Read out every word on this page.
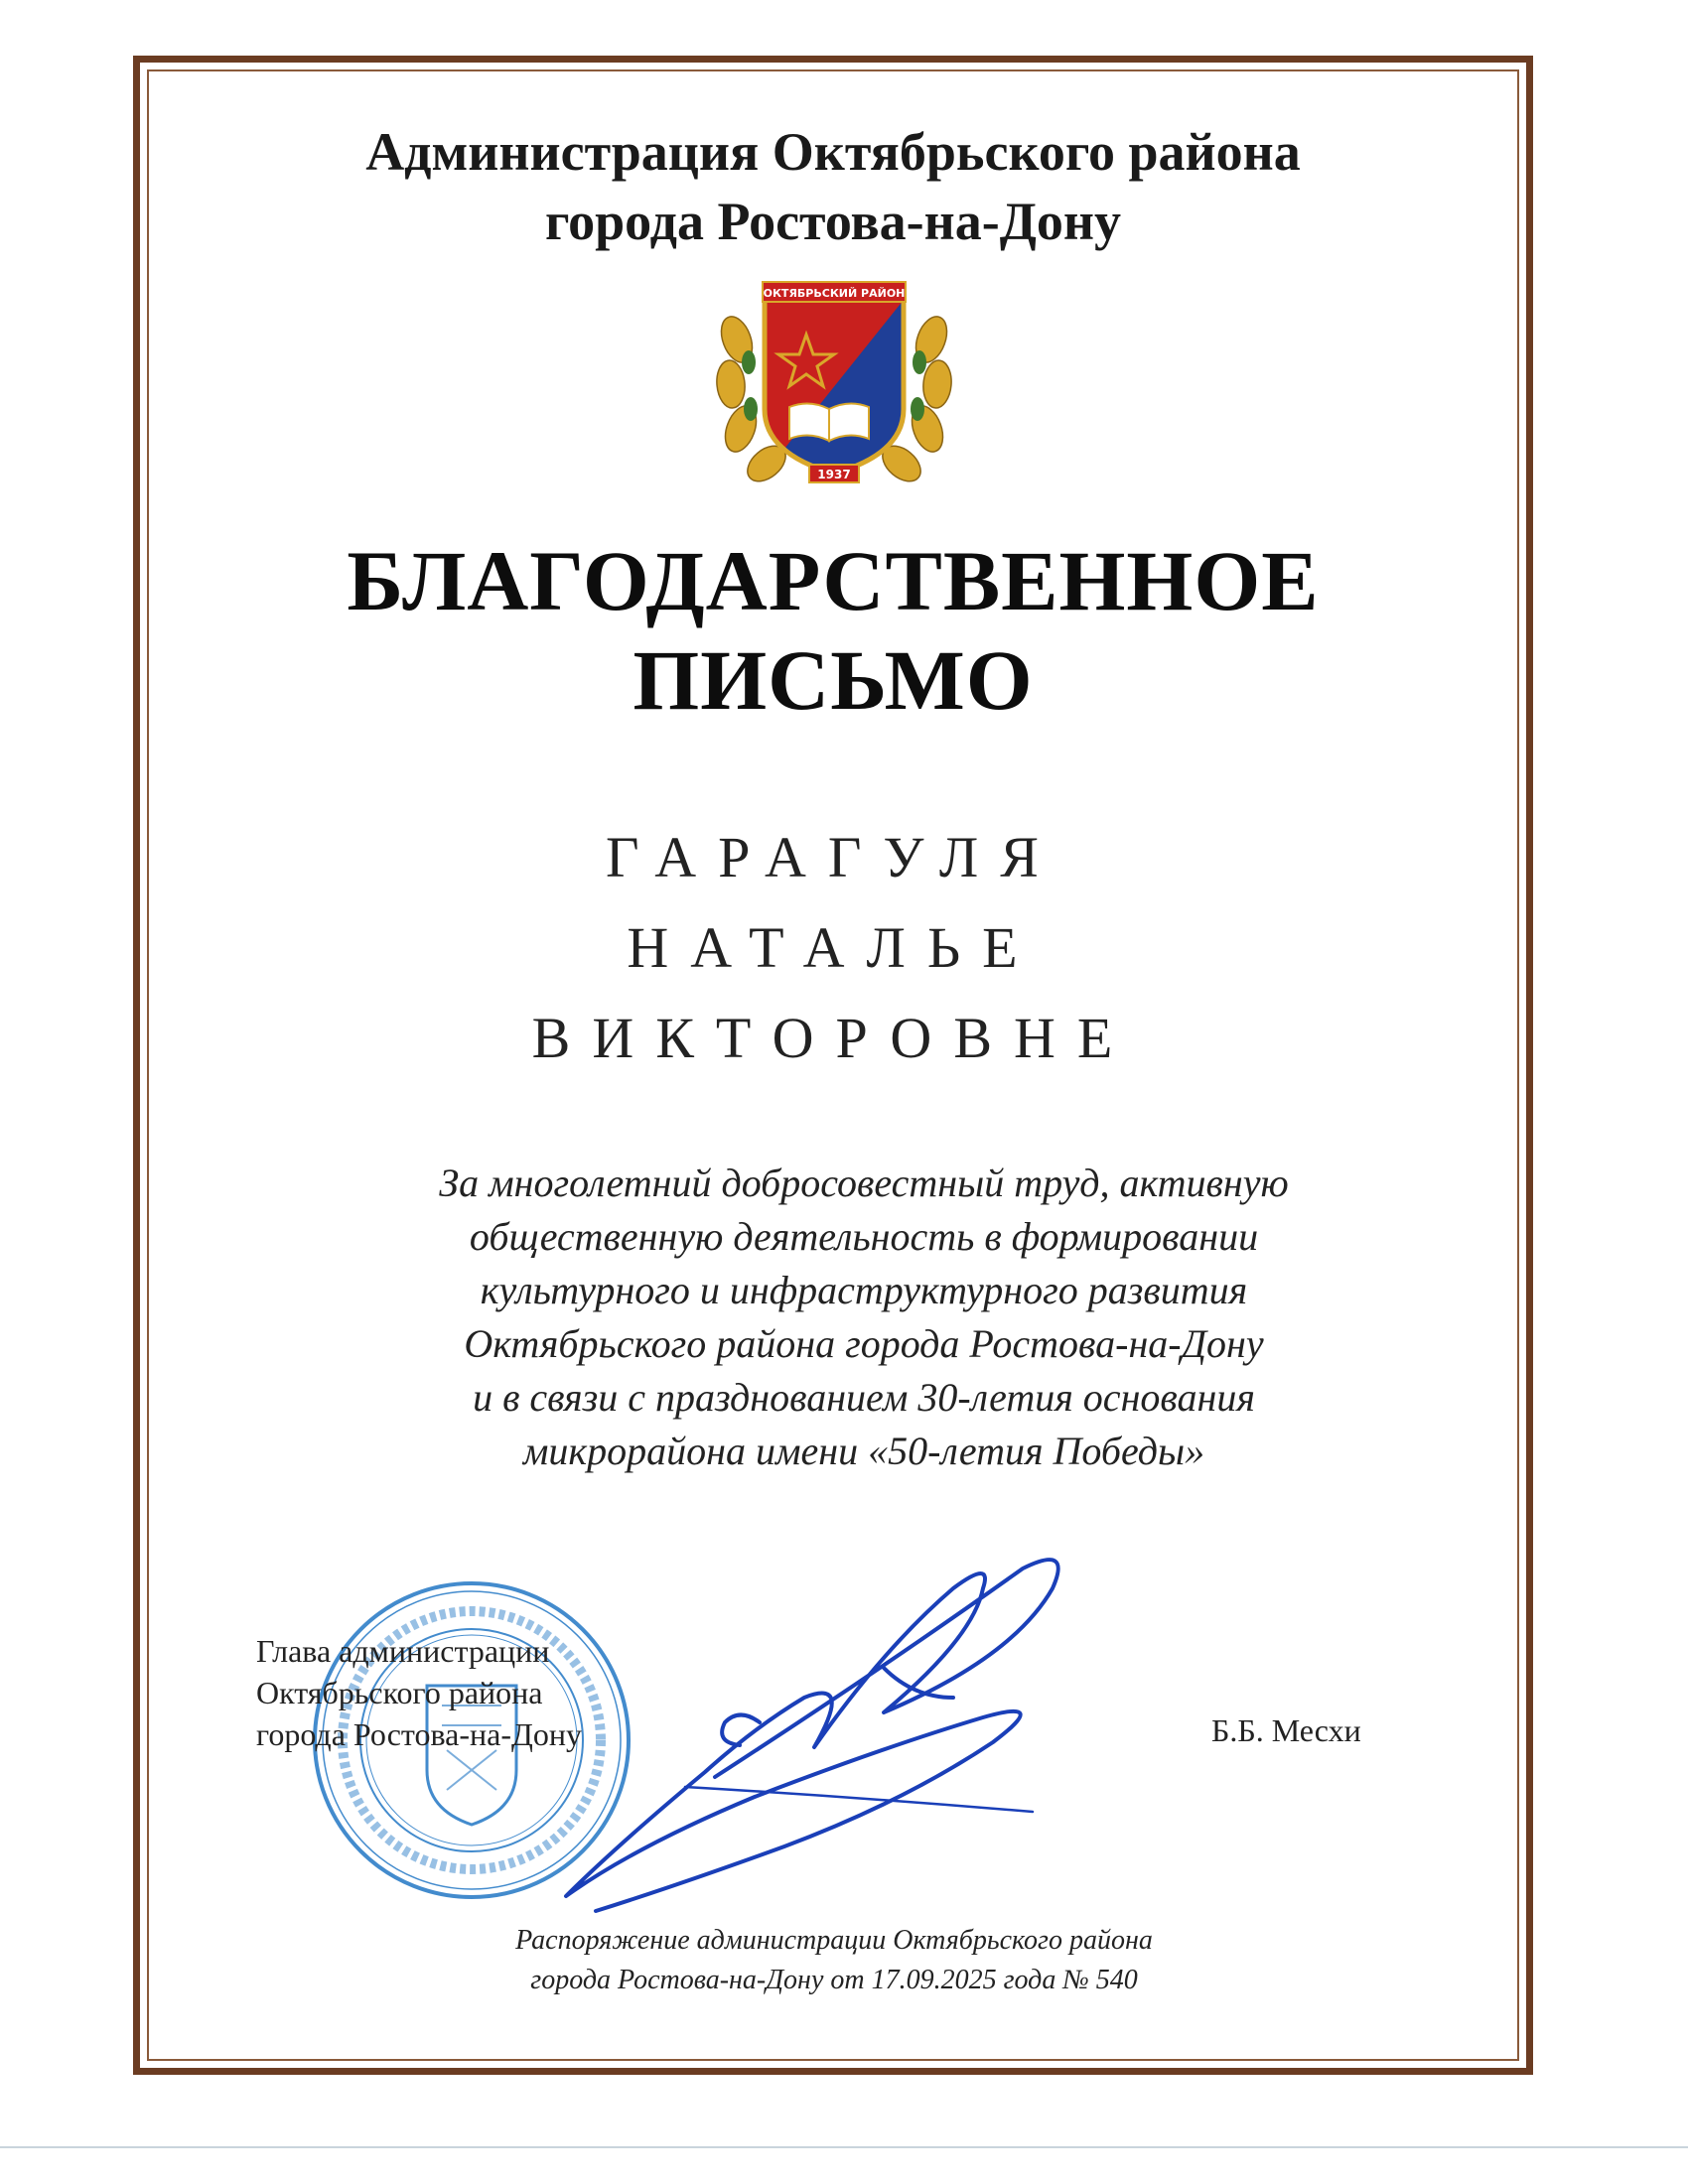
Администрация Октябрьского района
города Ростова-на-Дону
ОКТЯБРЬСКИЙ РАЙОН
1937
БЛАГОДАРСТВЕННОЕ
ПИСЬМО
ГАРАГУЛЯ
НАТАЛЬЕ
ВИКТОРОВНЕ
За многолетний добросовестный труд, активную
общественную деятельность в формировании
культурного и инфраструктурного развития
Октябрьского района города Ростова-на-Дону
и в связи с празднованием 30-летия основания
микрорайона имени «50-летия Победы»
Глава администрации
Октябрьского района
города Ростова-на-Дону	Б.Б. Месхи
Распоряжение администрации Октябрьского района
города Ростова-на-Дону от 17.09.2025 года № 540
